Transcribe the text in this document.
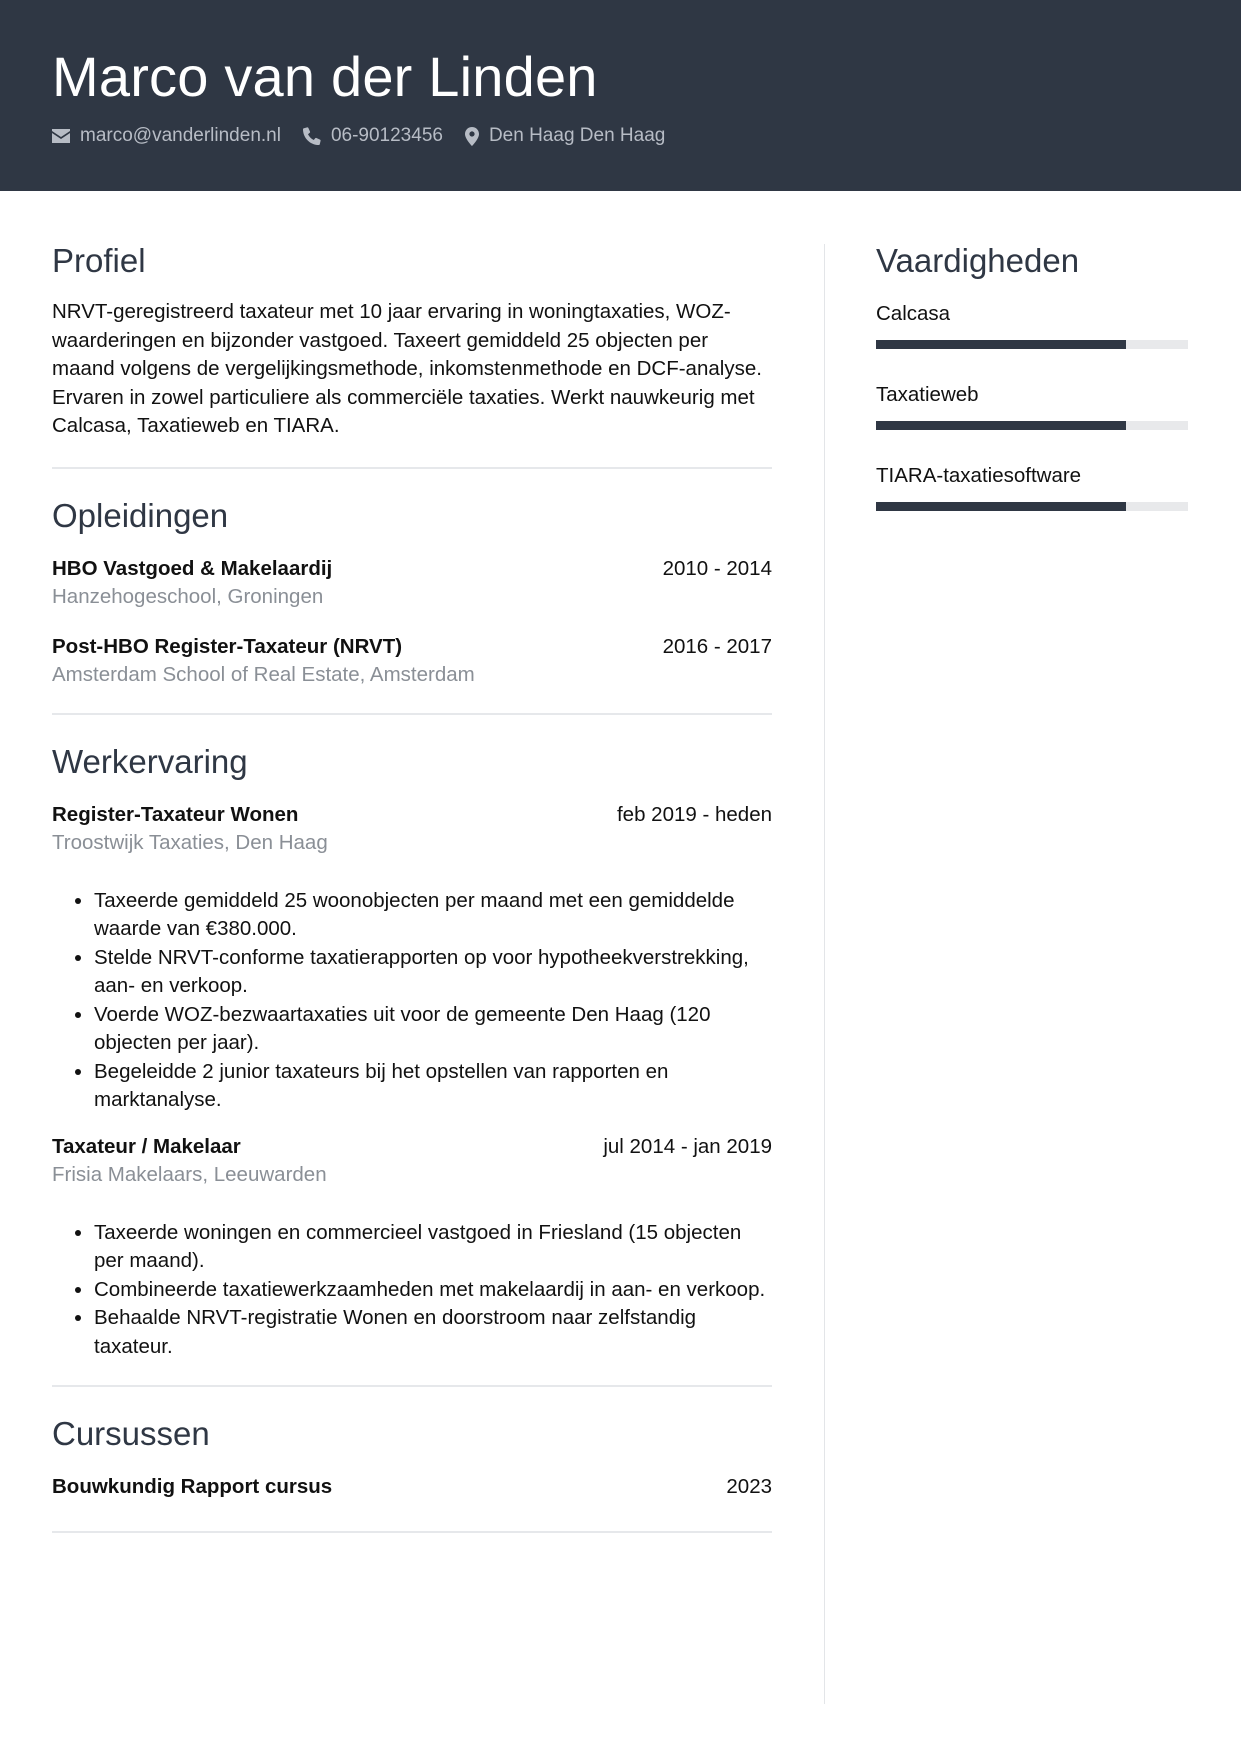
Marco van der Linden
marco@vanderlinden.nl	06-90123456 Den Haag Den Haag
Profiel

NRVT-geregistreerd taxateur met 10 jaar ervaring in woningtaxaties, WOZ-waarderingen en bijzonder vastgoed. Taxeert gemiddeld 25 objecten per maand volgens de vergelijkingsmethode, inkomstenmethode en DCF-analyse. Ervaren in zowel particuliere als commerciële taxaties. Werkt nauwkeurig met Calcasa, Taxatieweb en TIARA.

Opleidingen
HBO Vastgoed & Makelaardij	2010 - 2014
Hanzehogeschool, Groningen
Post-HBO Register-Taxateur (NRVT)	2016 - 2017
Amsterdam School of Real Estate, Amsterdam
Werkervaring
Register-Taxateur Wonen	feb 2019 - heden
Troostwijk Taxaties, Den Haag
• Taxeerde gemiddeld 25 woonobjecten per maand met een gemiddelde waarde van €380.000.
• Stelde NRVT-conforme taxatierapporten op voor hypotheekverstrekking, aan- en verkoop.
• Voerde WOZ-bezwaartaxaties uit voor de gemeente Den Haag (120 objecten per jaar).
• Begeleidde 2 junior taxateurs bij het opstellen van rapporten en marktanalyse.
Taxateur / Makelaar	jul 2014 - jan 2019
Frisia Makelaars, Leeuwarden
• Taxeerde woningen en commercieel vastgoed in Friesland (15 objecten per maand).
• Combineerde taxatiewerkzaamheden met makelaardij in aan- en verkoop.
• Behaalde NRVT-registratie Wonen en doorstroom naar zelfstandig taxateur.
Cursussen
Bouwkundig Rapport cursus	2023
Vaardigheden
Calcasa
Taxatieweb
TIARA-taxatiesoftware
